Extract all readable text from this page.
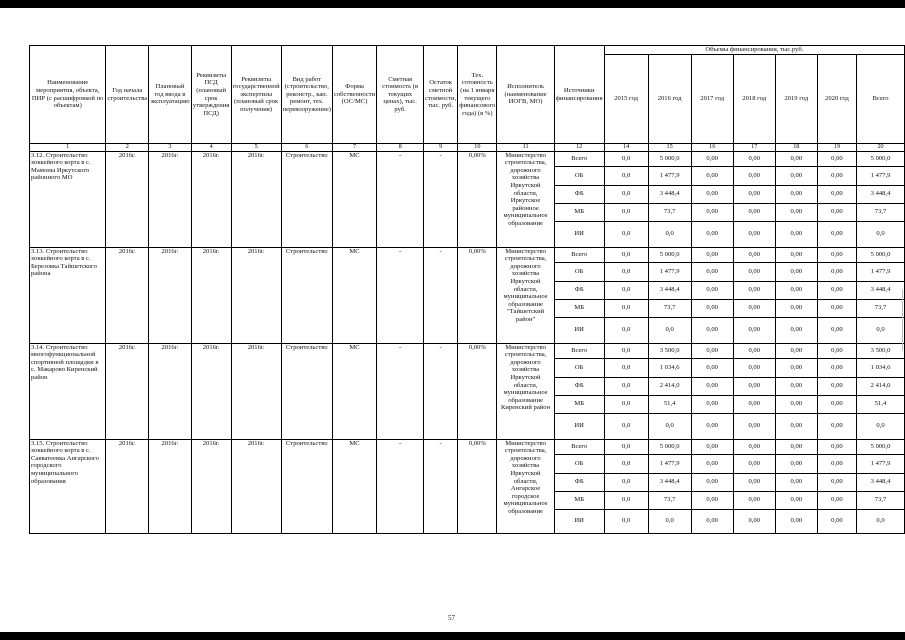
Наименование мероприятия, объекта, ПИР (с расшифровкой по объектам)	Год начала строительства	Плановый год ввода в эксплуатацию	Реквизиты ПСД (плановый срок утверждения ПСД)	Реквизиты государственной экспертизы (плановый срок получения)	Вид работ (строительство, реконстр., кап. ремонт, тех. перевооружение)	Форма собственности (ОС/МС)	Сметная стоимость (в текущих ценах), тыс. руб.	Остаток сметной стоимости, тыс. руб.	Тех. готовность (на 1 января текущего финансового года) (в %)	Исполнитель (наименование ИОГВ, МО)	Источники финансирования	Объемы финансирования, тыс.руб.						
												2015 год	2016 год	2017 год	2018 год	2019 год	2020 год	Всего
1	2	3	4	5	6	7	8	9	10	11	12	14	15	16	17	18	19	20
3.12. Строительство хоккейного корта в с. Мамоны Иркутского районного МО	2016г.	2016г.	2016г.	2016г.	Строительство	МС	-	-	0,00%	Министерство строительства, дорожного хозяйства Иркутской области, Иркутское районное муниципальное образование	Всего	0,0	5 000,0	0,00	0,00	0,00	0,00	5 000,0
											ОБ	0,0	1 477,9	0,00	0,00	0,00	0,00	1 477,9
											ФБ	0,0	3 448,4	0,00	0,00	0,00	0,00	3 448,4
											МБ	0,0	73,7	0,00	0,00	0,00	0,00	73,7
											ИИ	0,0	0,0	0,00	0,00	0,00	0,00	0,0
3.13. Строительство хоккейного корта в с. Березовка Тайшетского района	2016г.	2016г.	2016г.	2016г.	Строительство	МС	-	-	0,00%	Министерство строительства, дорожного хозяйства Иркутской области, муниципальное образование "Тайшетский район"	Всего	0,0	5 000,0	0,00	0,00	0,00	0,00	5 000,0
											ОБ	0,0	1 477,9	0,00	0,00	0,00	0,00	1 477,9
											ФБ	0,0	3 448,4	0,00	0,00	0,00	0,00	3 448,4
											МБ	0,0	73,7	0,00	0,00	0,00	0,00	73,7
											ИИ	0,0	0,0	0,00	0,00	0,00	0,00	0,0
3.14. Строительство многофункциональной спортивной площадки в с. Макарово Киренский район	2016г.	2016г.	2016г.	2016г.	Строительство	МС	-	-	0,00%	Министерство строительства, дорожного хозяйства Иркутской области, муниципальное образование Киренский район	Всего	0,0	3 500,0	0,00	0,00	0,00	0,00	3 500,0
											ОБ	0,0	1 034,6	0,00	0,00	0,00	0,00	1 034,6
											ФБ	0,0	2 414,0	0,00	0,00	0,00	0,00	2 414,0
											МБ	0,0	51,4	0,00	0,00	0,00	0,00	51,4
											ИИ	0,0	0,0	0,00	0,00	0,00	0,00	0,0
3.15. Строительство хоккейного корта в с. Савватеевка Ангарского городского муниципального образования	2016г.	2016г.	2016г.	2016г.	Строительство	МС	-	-	0,00%	Министерство строительства, дорожного хозяйства Иркутской области, Ангарское городское муниципальное образование	Всего	0,0	5 000,0	0,00	0,00	0,00	0,00	5 000,0
											ОБ	0,0	1 477,9	0,00	0,00	0,00	0,00	1 477,9
											ФБ	0,0	3 448,4	0,00	0,00	0,00	0,00	3 448,4
											МБ	0,0	73,7	0,00	0,00	0,00	0,00	73,7
											ИИ	0,0	0,0	0,00	0,00	0,00	0,00	0,0
57
